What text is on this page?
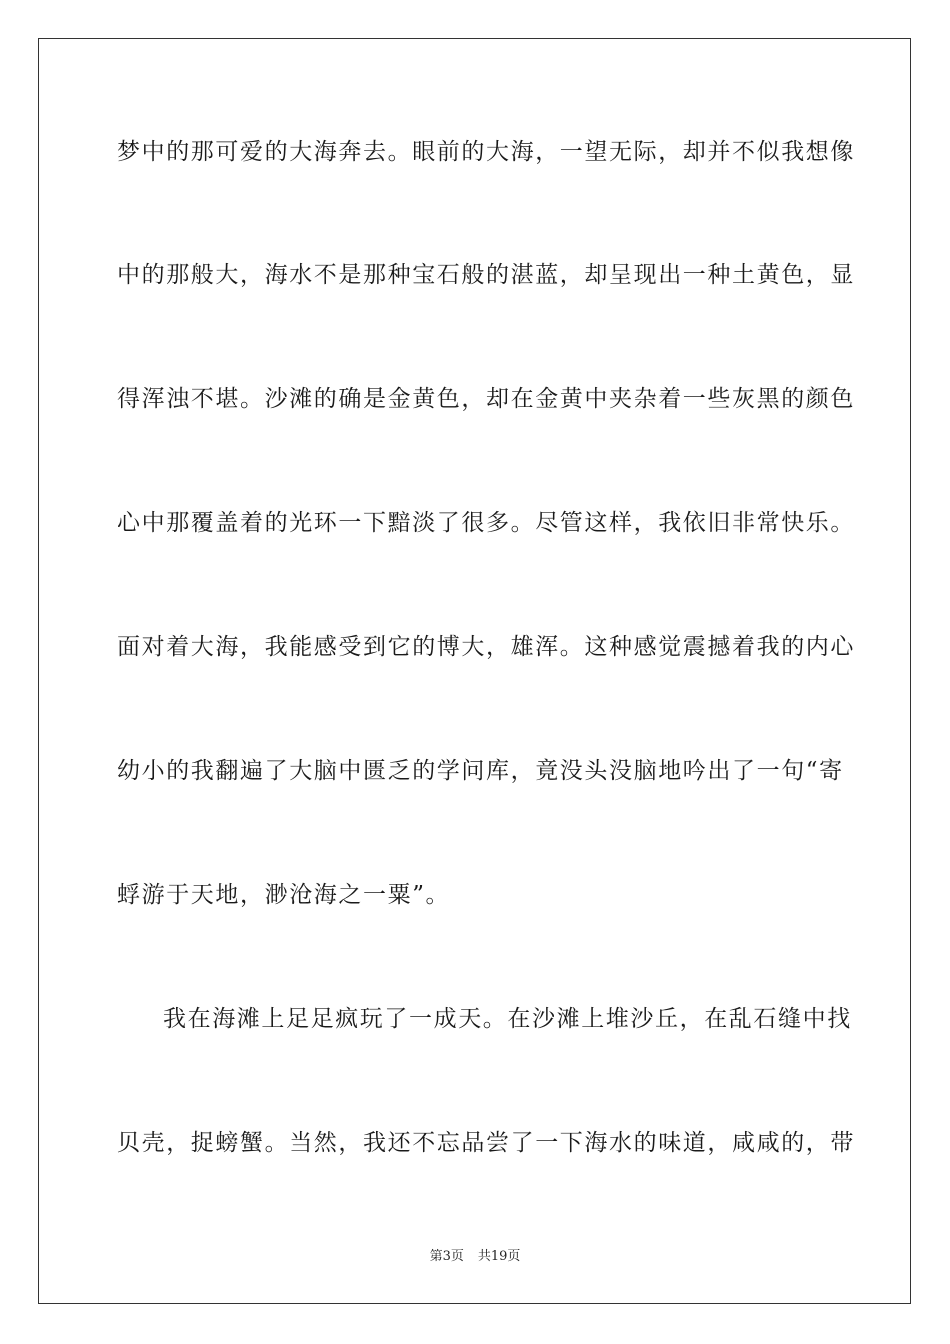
梦中的那可爱的大海奔去。眼前的大海，一望无际，却并不似我想像
中的那般大，海水不是那种宝石般的湛蓝，却呈现出一种土黄色，显
得浑浊不堪。沙滩的确是金黄色，却在金黄中夹杂着一些灰黑的颜色
心中那覆盖着的光环一下黯淡了很多。尽管这样，我依旧非常快乐。
面对着大海，我能感受到它的博大，雄浑。这种感觉震撼着我的内心
幼小的我翻遍了大脑中匮乏的学问库，竟没头没脑地吟出了一句“寄
蜉游于天地，渺沧海之一粟”。
我在海滩上足足疯玩了一成天。在沙滩上堆沙丘，在乱石缝中找
贝壳，捉螃蟹。当然，我还不忘品尝了一下海水的味道，咸咸的，带
第3页 共19页
